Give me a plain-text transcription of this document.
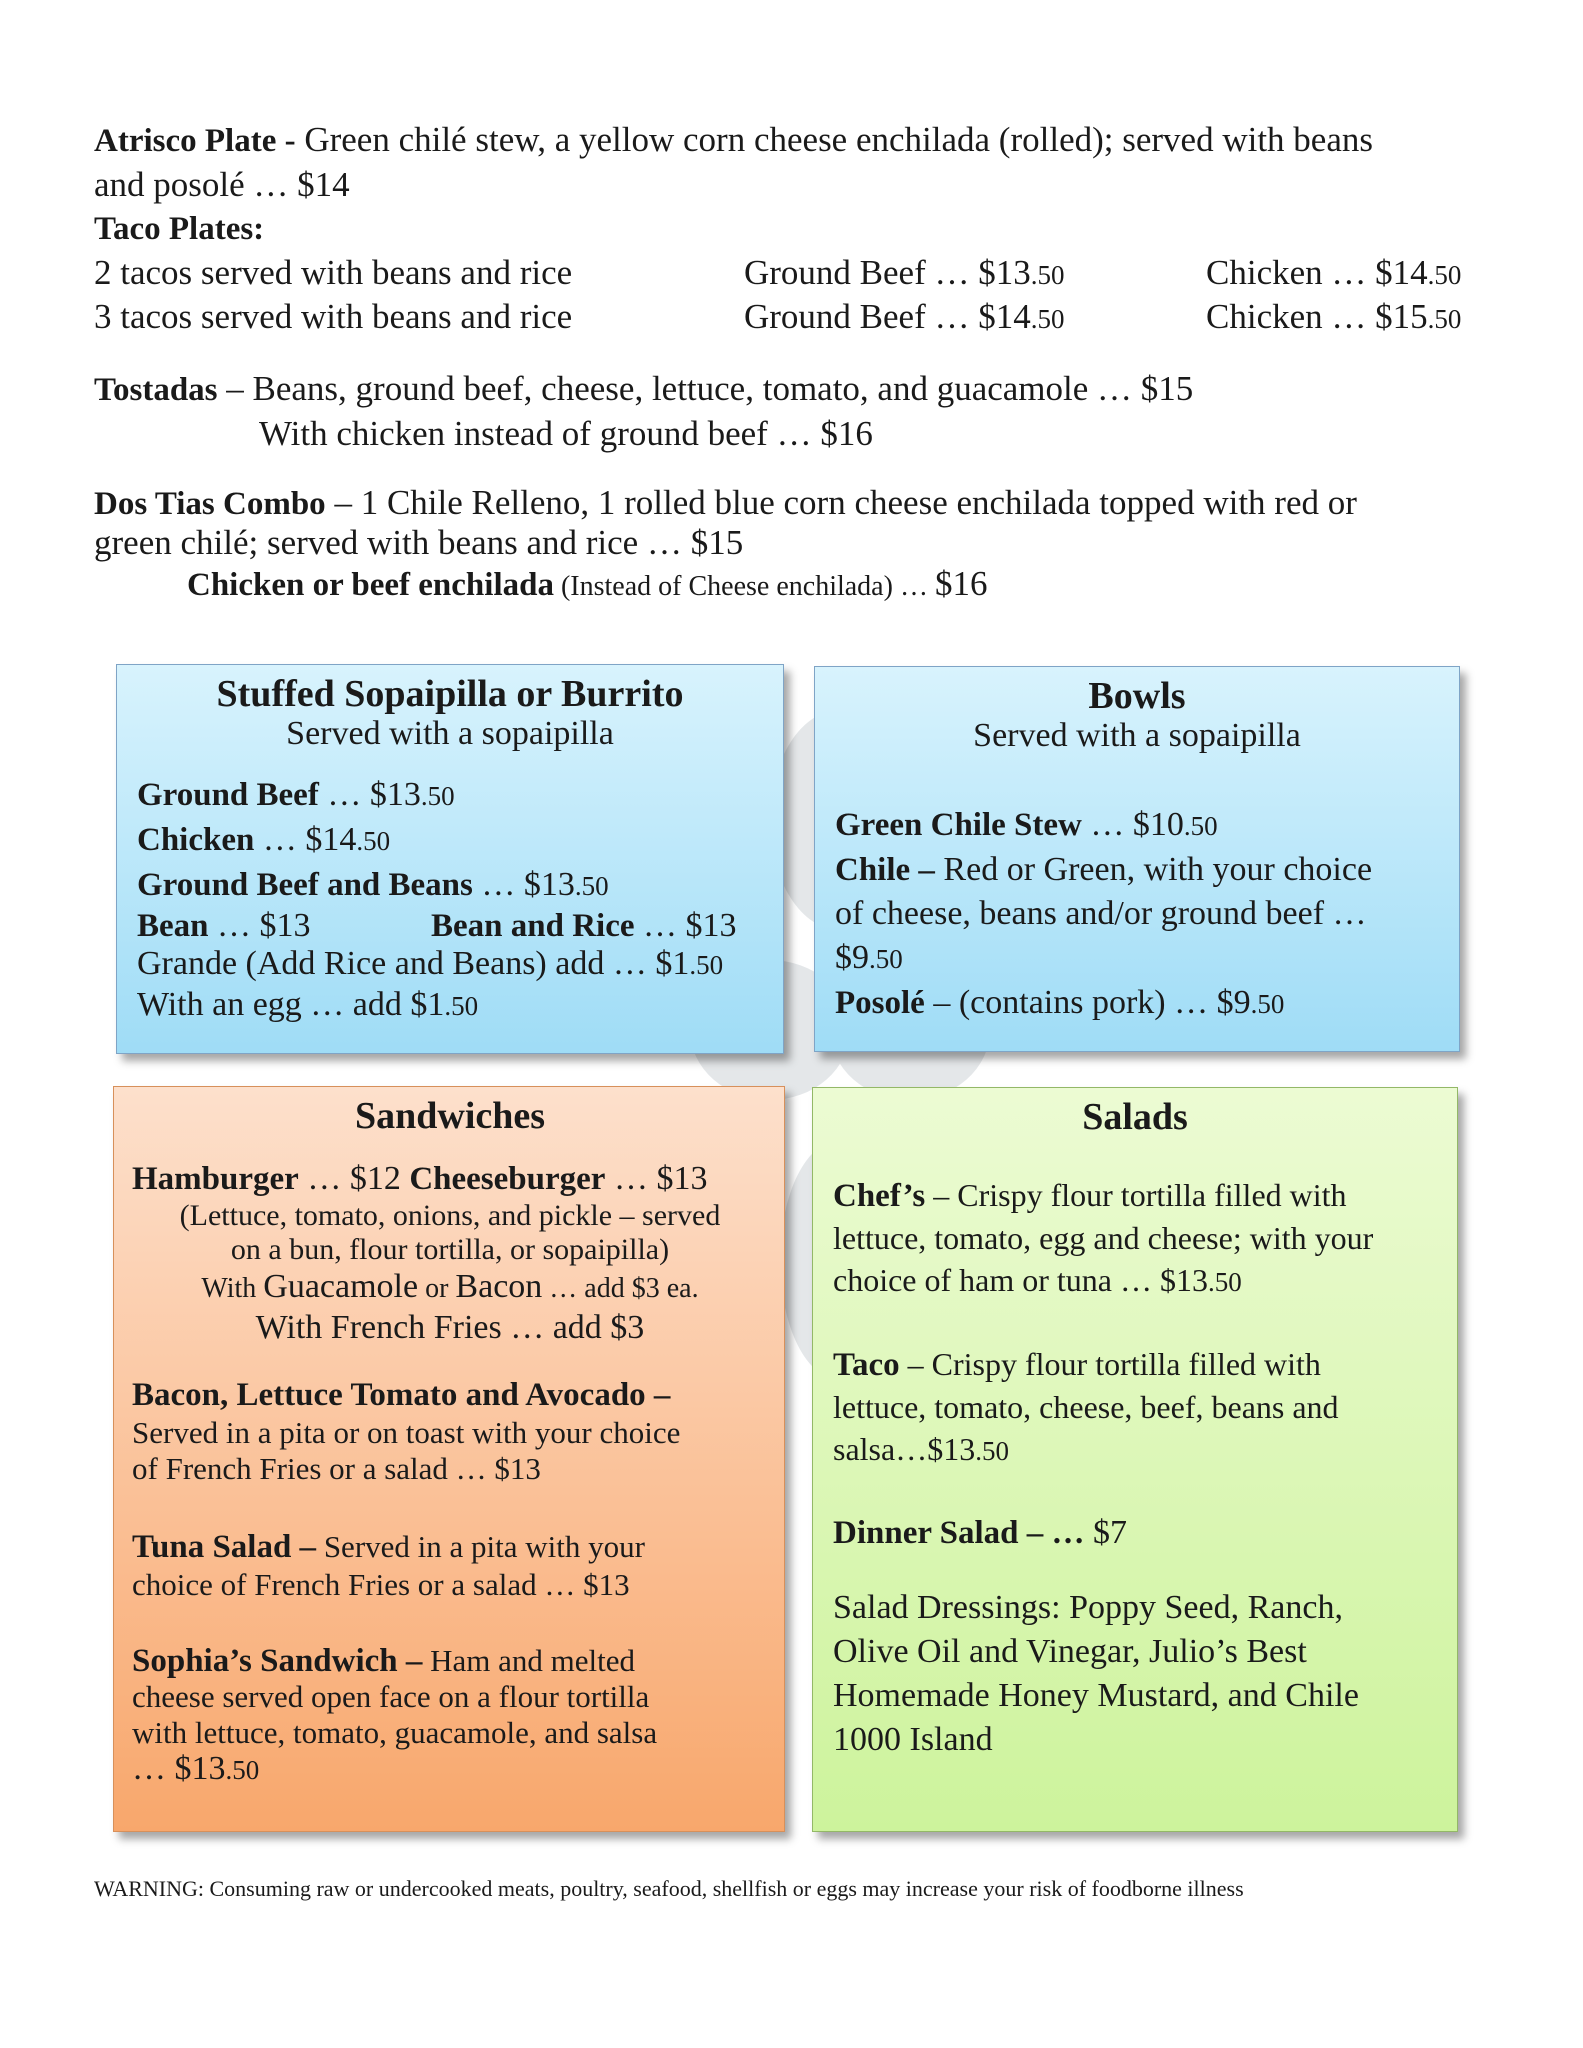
Atrisco Plate - Green chilé stew, a yellow corn cheese enchilada (rolled); served with beans
and posolé … $14
Taco Plates:
2 tacos served with beans and rice	Ground Beef … $13.50	Chicken … $14.50
3 tacos served with beans and rice	Ground Beef … $14.50	Chicken … $15.50
Tostadas – Beans, ground beef, cheese, lettuce, tomato, and guacamole … $15
With chicken instead of ground beef … $16
Dos Tias Combo – 1 Chile Relleno, 1 rolled blue corn cheese enchilada topped with red or
green chilé; served with beans and rice … $15
Chicken or beef enchilada (Instead of Cheese enchilada) … $16
Stuffed Sopaipilla or Burrito
Served with a sopaipilla
Ground Beef … $13.50
Chicken … $14.50
Ground Beef and Beans … $13.50
Bean … $13	Bean and Rice … $13
Grande (Add Rice and Beans) add … $1.50
With an egg … add $1.50
Bowls
Served with a sopaipilla
Green Chile Stew … $10.50
Chile – Red or Green, with your choice
of cheese, beans and/or ground beef …
$9.50
Posolé – (contains pork) … $9.50
Sandwiches
Hamburger … $12 Cheeseburger … $13
(Lettuce, tomato, onions, and pickle – served
on a bun, flour tortilla, or sopaipilla)
With Guacamole or Bacon … add $3 ea.
With French Fries … add $3
Bacon, Lettuce Tomato and Avocado –
Served in a pita or on toast with your choice
of French Fries or a salad … $13
Tuna Salad – Served in a pita with your
choice of French Fries or a salad … $13
Sophia’s Sandwich – Ham and melted
cheese served open face on a flour tortilla
with lettuce, tomato, guacamole, and salsa
… $13.50
Salads
Chef’s – Crispy flour tortilla filled with
lettuce, tomato, egg and cheese; with your
choice of ham or tuna … $13.50
Taco – Crispy flour tortilla filled with
lettuce, tomato, cheese, beef, beans and
salsa…$13.50
Dinner Salad – … $7
Salad Dressings: Poppy Seed, Ranch,
Olive Oil and Vinegar, Julio’s Best
Homemade Honey Mustard, and Chile
1000 Island
WARNING: Consuming raw or undercooked meats, poultry, seafood, shellfish or eggs may increase your risk of foodborne illness
